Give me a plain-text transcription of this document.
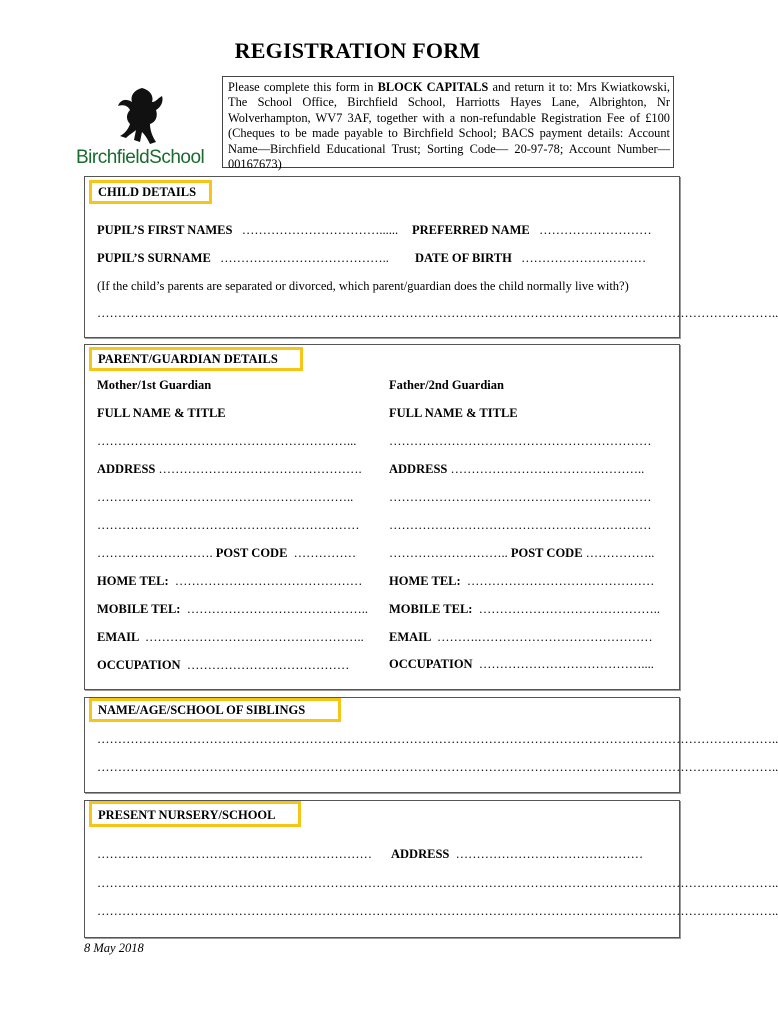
REGISTRATION FORM
BirchfieldSchool
Please complete this form in BLOCK CAPITALS and return it to: Mrs Kwiatkowski, The School Office, Birchfield School, Harriotts Hayes Lane, Albrighton, Nr Wolverhampton, WV7 3AF, together with a non-refundable Registration Fee of £100 (Cheques to be made payable to Birchfield School; BACS payment details: Account Name—Birchfield Educational Trust; Sorting Code— 20-97-78; Account Number—00167673)
CHILD DETAILS
PUPIL’S FIRST NAMES ……………………………...... PREFERRED NAME ………………………
PUPIL’S SURNAME ………………………………….. DATE OF BIRTH …………………………
(If the child’s parents are separated or divorced, which parent/guardian does the child normally live with?)
………………………………………………………………………………………………………………………………………………..
PARENT/GUARDIAN DETAILS
Mother/1st Guardian	Father/2nd Guardian
FULL NAME & TITLE	FULL NAME & TITLE
……………………………………………………...	………………………………………………………
ADDRESS …………………………………………. ADDRESS ………………………………………..
……………………………………………………..	………………………………………………………
……………………………………………………… ………………………………………………………
………………………. POST CODE ……………	……………………….. POST CODE ……………..
HOME TEL: ……………………………………… HOME TEL: ………………………………………
MOBILE TEL: …………………………………….. MOBILE TEL: ……………………………………..
EMAIL …………………………………………….. EMAIL ……….……………………………………
OCCUPATION …………………………………	OCCUPATION …………………………………....
NAME/AGE/SCHOOL OF SIBLINGS
………………………………………………………………………………………………………………………………………………..
………………………………………………………………………………………………………………………………………………..
PRESENT NURSERY/SCHOOL
………………………………………………………… ADDRESS ………………………………………
………………………………………………………………………………………………………………………………………………..
………………………………………………………………………………………………………………………………………………..
8 May 2018
